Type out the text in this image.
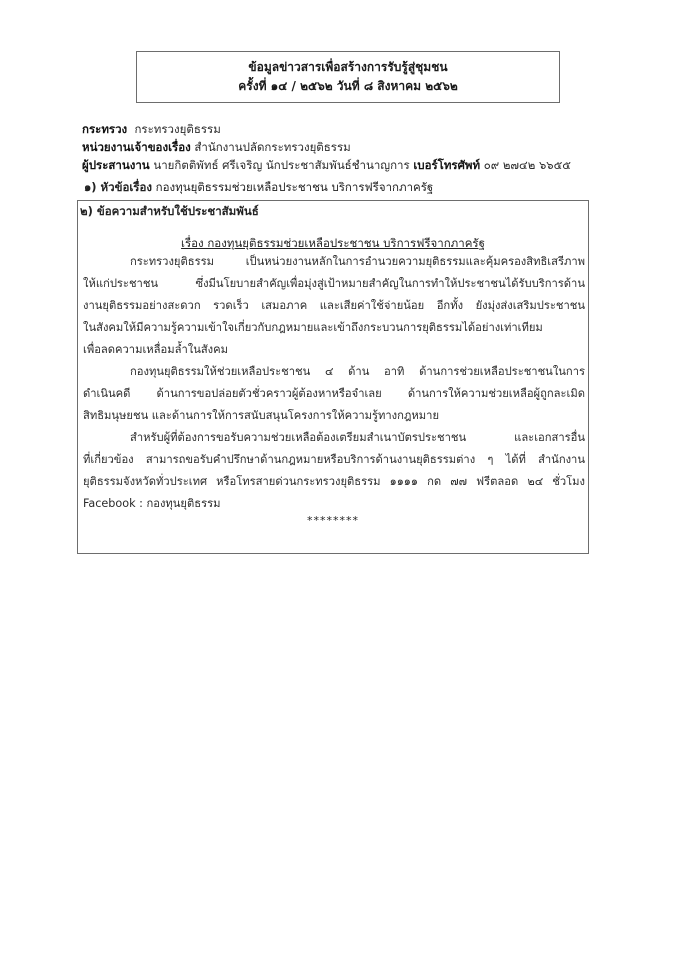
ข้อมูลข่าวสารเพื่อสร้างการรับรู้สู่ชุมชน
ครั้งที่ ๑๔ / ๒๕๖๒ วันที่ ๘ สิงหาคม ๒๕๖๒
กระทรวง กระทรวงยุติธรรม
หน่วยงานเจ้าของเรื่อง สำนักงานปลัดกระทรวงยุติธรรม
ผู้ประสานงาน นายกิตติพัทธ์ ศรีเจริญ นักประชาสัมพันธ์ชำนาญการ เบอร์โทรศัพท์ ๐๙ ๒๗๔๒ ๖๖๕๕
๑) หัวข้อเรื่อง กองทุนยุติธรรมช่วยเหลือประชาชน บริการฟรีจากภาครัฐ
๒) ข้อความสำหรับใช้ประชาสัมพันธ์
เรื่อง กองทุนยุติธรรมช่วยเหลือประชาชน บริการฟรีจากภาครัฐ
กระทรวงยุติธรรม เป็นหน่วยงานหลักในการอำนวยความยุติธรรมและคุ้มครองสิทธิเสรีภาพ
ให้แก่ประชาชน ซึ่งมีนโยบายสำคัญเพื่อมุ่งสู่เป้าหมายสำคัญในการทำให้ประชาชนได้รับบริการด้าน
งานยุติธรรมอย่างสะดวก รวดเร็ว เสมอภาค และเสียค่าใช้จ่ายน้อย อีกทั้ง ยังมุ่งส่งเสริมประชาชน
ในสังคมให้มีความรู้ความเข้าใจเกี่ยวกับกฎหมายและเข้าถึงกระบวนการยุติธรรมได้อย่างเท่าเทียม
เพื่อลดความเหลื่อมล้ำในสังคม
กองทุนยุติธรรมให้ช่วยเหลือประชาชน ๔ ด้าน อาทิ ด้านการช่วยเหลือประชาชนในการ
ดำเนินคดี ด้านการขอปล่อยตัวชั่วคราวผู้ต้องหาหรือจำเลย ด้านการให้ความช่วยเหลือผู้ถูกละเมิด
สิทธิมนุษยชน และด้านการให้การสนับสนุนโครงการให้ความรู้ทางกฎหมาย
สำหรับผู้ที่ต้องการขอรับความช่วยเหลือต้องเตรียมสำเนาบัตรประชาชน และเอกสารอื่น
ที่เกี่ยวข้อง สามารถขอรับคำปรึกษาด้านกฎหมายหรือบริการด้านงานยุติธรรมต่าง ๆ ได้ที่ สำนักงาน
ยุติธรรมจังหวัดทั่วประเทศ หรือโทรสายด่วนกระทรวงยุติธรรม ๑๑๑๑ กด ๗๗ ฟรีตลอด ๒๔ ชั่วโมง
Facebook : กองทุนยุติธรรม
********
